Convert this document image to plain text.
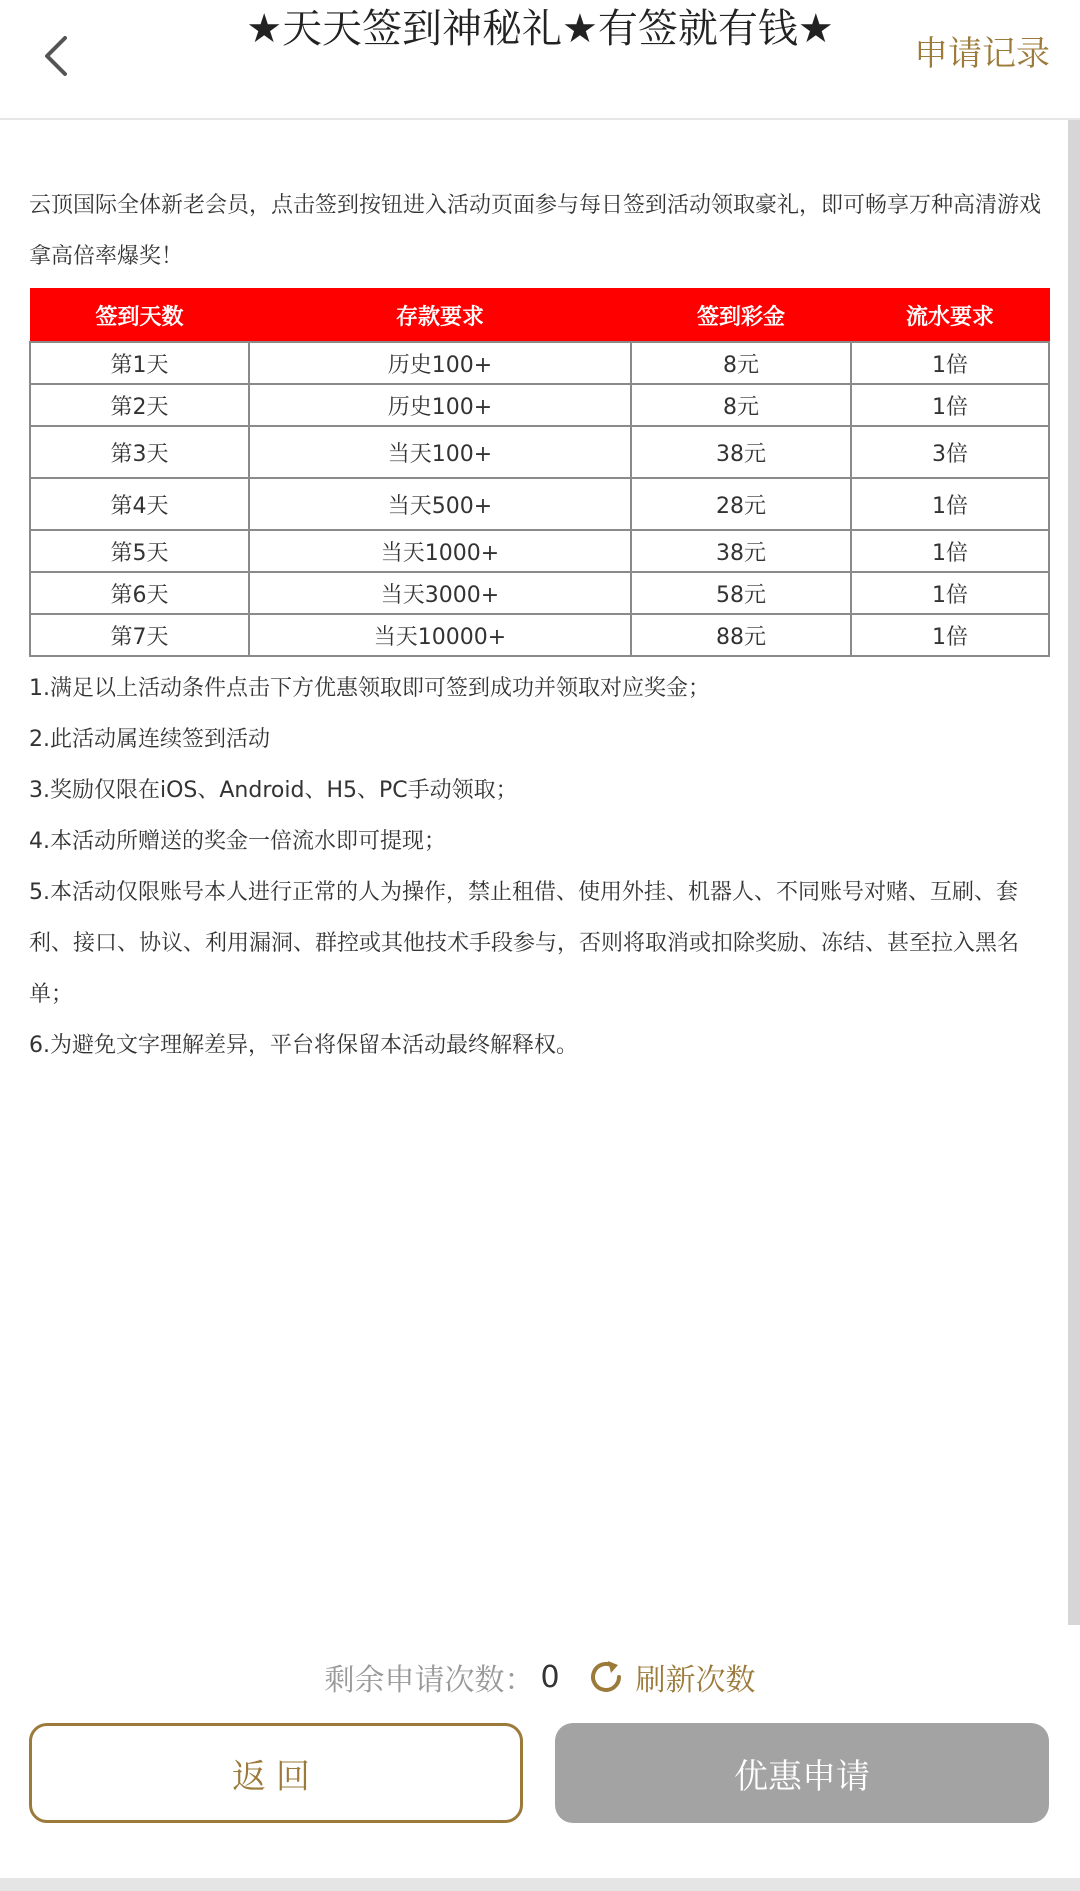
★天天签到神秘礼★有签就有钱★
申请记录

云顶国际全体新老会员，点击签到按钮进入活动页面参与每日签到活动领取豪礼，即可畅享万种高清游戏拿高倍率爆奖！

签到天数	存款要求	签到彩金	流水要求
第1天	历史100+	8元	1倍
第2天	历史100+	8元	1倍
第3天	当天100+	38元	3倍
第4天	当天500+	28元	1倍
第5天	当天1000+	38元	1倍
第6天	当天3000+	58元	1倍
第7天	当天10000+	88元	1倍

1.满足以上活动条件点击下方优惠领取即可签到成功并领取对应奖金；

2.此活动属连续签到活动

3.奖励仅限在iOS、Android、H5、PC手动领取；

4.本活动所赠送的奖金一倍流水即可提现；

5.本活动仅限账号本人进行正常的人为操作，禁止租借、使用外挂、机器人、不同账号对赌、互刷、套利、接口、协议、利用漏洞、群控或其他技术手段参与，否则将取消或扣除奖励、冻结、甚至拉入黑名单；

6.为避免文字理解差异，平台将保留本活动最终解释权。

剩余申请次数： 0	刷新次数
返回	优惠申请
